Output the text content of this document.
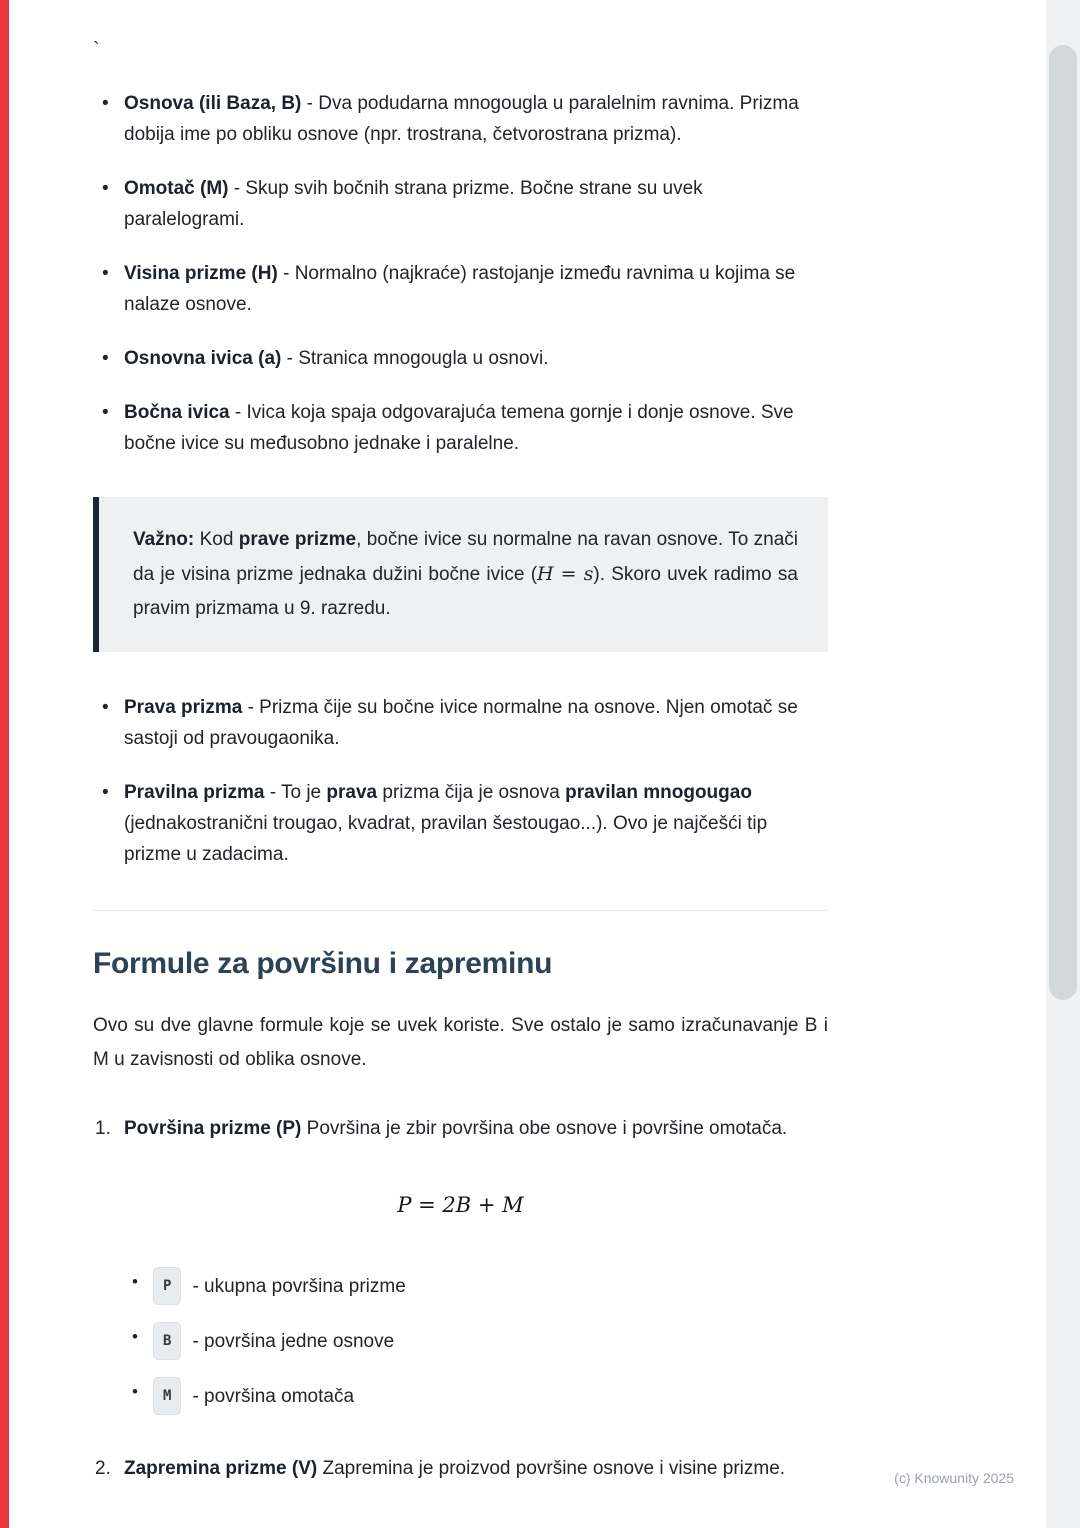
`
• Osnova (ili Baza, B) - Dva podudarna mnogougla u paralelnim ravnima. Prizma dobija ime po obliku osnove (npr. trostrana, četvorostrana prizma).
• Omotač (M) - Skup svih bočnih strana prizme. Bočne strane su uvek paralelogrami.
• Visina prizme (H) - Normalno (najkraće) rastojanje između ravnima u kojima se nalaze osnove.
• Osnovna ivica (a) - Stranica mnogougla u osnovi.
• Bočna ivica - Ivica koja spaja odgovarajuća temena gornje i donje osnove. Sve bočne ivice su međusobno jednake i paralelne.

Važno: Kod prave prizme, bočne ivice su normalne na ravan osnove. To znači da je visina prizme jednaka dužini bočne ivice (H = s). Skoro uvek radimo sa pravim prizmama u 9. razredu.

• Prava prizma - Prizma čije su bočne ivice normalne na osnove. Njen omotač se sastoji od pravougaonika.
• Pravilna prizma - To je prava prizma čija je osnova pravilan mnogougao (jednakostranični trougao, kvadrat, pravilan šestougao...). Ovo je najčešći tip prizme u zadacima.
Formule za površinu i zapreminu

Ovo su dve glavne formule koje se uvek koriste. Sve ostalo je samo izračunavanje B i M u zavisnosti od oblika osnove.

1. Površina prizme (P) Površina je zbir površina obe osnove i površine omotača.
P = 2B + M
• P - ukupna površina prizme
• B - površina jedne osnove
• M - površina omotača
2. Zapremina prizme (V) Zapremina je proizvod površine osnove i visine prizme.	(c) Knowunity 2025
